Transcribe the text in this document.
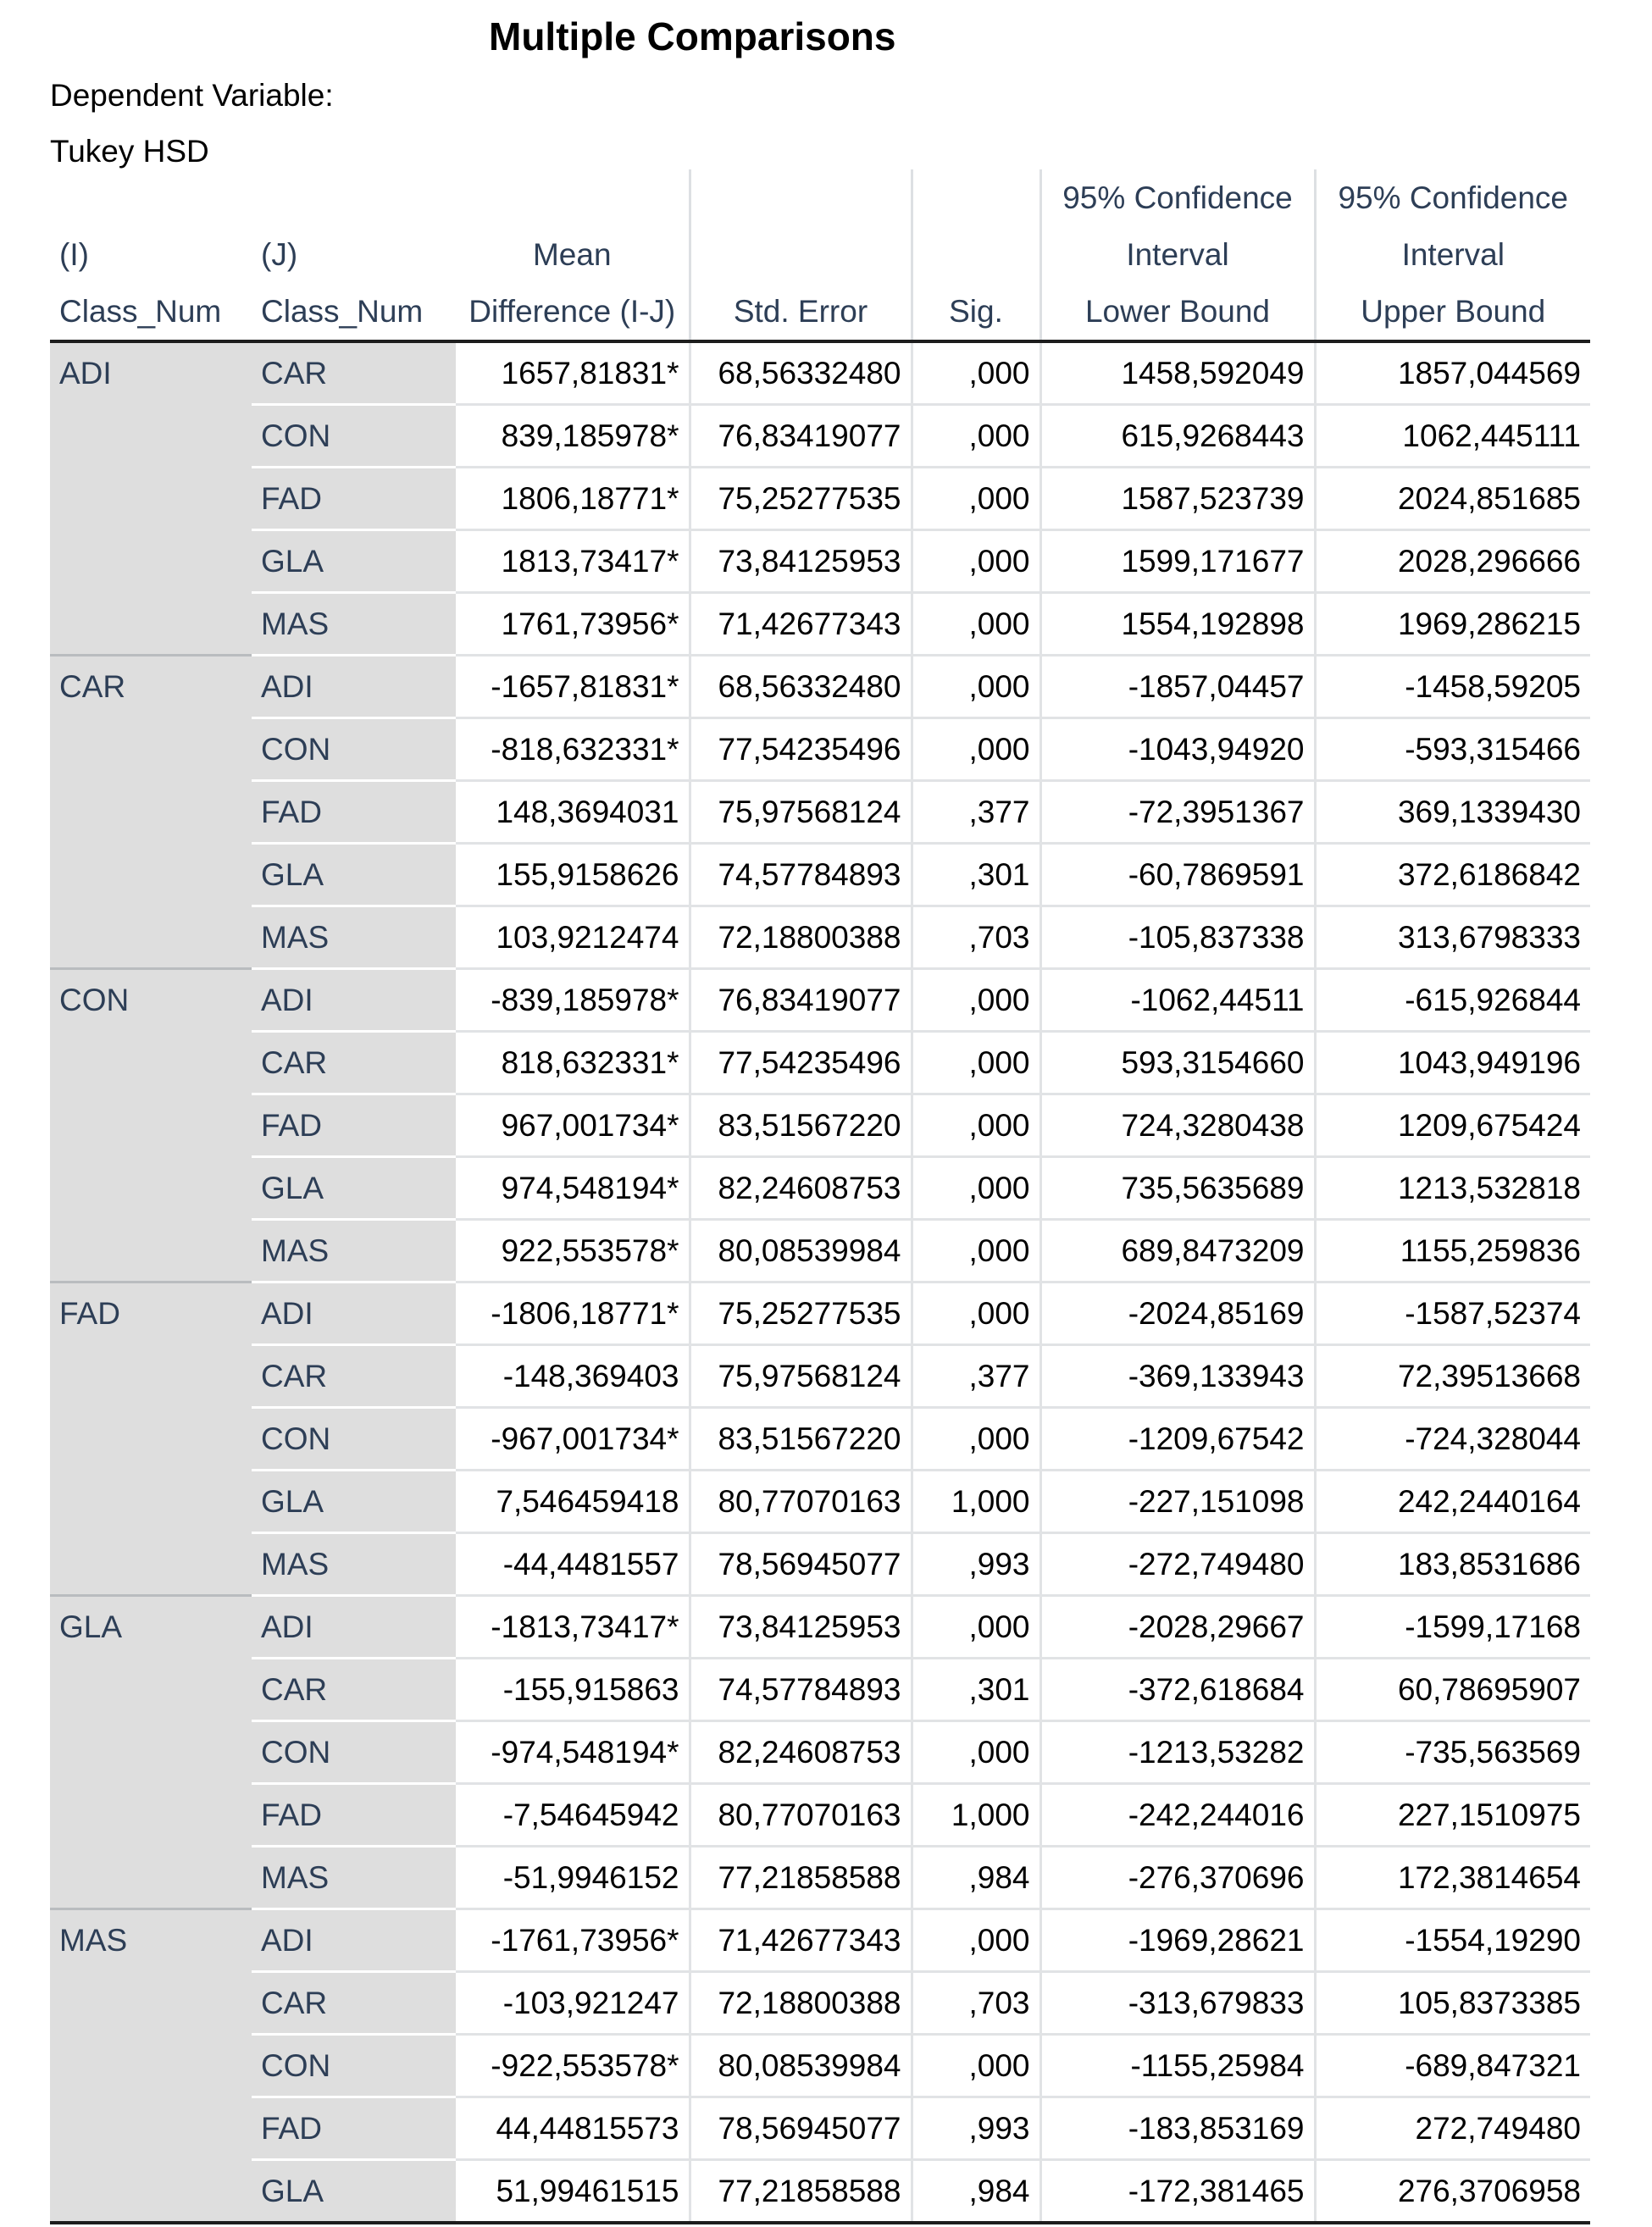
Multiple Comparisons
Dependent Variable:
Tukey HSD
					95% Confidence	95% Confidence
(I)	(J)	Mean			Interval	Interval
Class_Num	Class_Num	Difference (I-J)	Std. Error	Sig.	Lower Bound	Upper Bound
ADI	CAR	1657,81831*	68,56332480	,000	1458,592049	1857,044569
	CON	839,185978*	76,83419077	,000	615,9268443	1062,445111
	FAD	1806,18771*	75,25277535	,000	1587,523739	2024,851685
	GLA	1813,73417*	73,84125953	,000	1599,171677	2028,296666
	MAS	1761,73956*	71,42677343	,000	1554,192898	1969,286215
CAR	ADI	-1657,81831*	68,56332480	,000	-1857,04457	-1458,59205
	CON	-818,632331*	77,54235496	,000	-1043,94920	-593,315466
	FAD	148,3694031	75,97568124	,377	-72,3951367	369,1339430
	GLA	155,9158626	74,57784893	,301	-60,7869591	372,6186842
	MAS	103,9212474	72,18800388	,703	-105,837338	313,6798333
CON	ADI	-839,185978*	76,83419077	,000	-1062,44511	-615,926844
	CAR	818,632331*	77,54235496	,000	593,3154660	1043,949196
	FAD	967,001734*	83,51567220	,000	724,3280438	1209,675424
	GLA	974,548194*	82,24608753	,000	735,5635689	1213,532818
	MAS	922,553578*	80,08539984	,000	689,8473209	1155,259836
FAD	ADI	-1806,18771*	75,25277535	,000	-2024,85169	-1587,52374
	CAR	-148,369403	75,97568124	,377	-369,133943	72,39513668
	CON	-967,001734*	83,51567220	,000	-1209,67542	-724,328044
	GLA	7,546459418	80,77070163	1,000	-227,151098	242,2440164
	MAS	-44,4481557	78,56945077	,993	-272,749480	183,8531686
GLA	ADI	-1813,73417*	73,84125953	,000	-2028,29667	-1599,17168
	CAR	-155,915863	74,57784893	,301	-372,618684	60,78695907
	CON	-974,548194*	82,24608753	,000	-1213,53282	-735,563569
	FAD	-7,54645942	80,77070163	1,000	-242,244016	227,1510975
	MAS	-51,9946152	77,21858588	,984	-276,370696	172,3814654
MAS	ADI	-1761,73956*	71,42677343	,000	-1969,28621	-1554,19290
	CAR	-103,921247	72,18800388	,703	-313,679833	105,8373385
	CON	-922,553578*	80,08539984	,000	-1155,25984	-689,847321
	FAD	44,44815573	78,56945077	,993	-183,853169	272,749480
	GLA	51,99461515	77,21858588	,984	-172,381465	276,3706958
